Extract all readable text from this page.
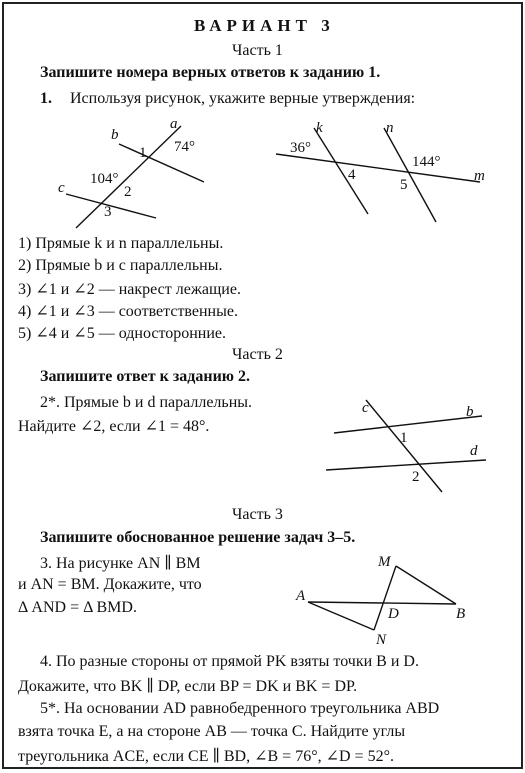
ВАРИАНТ 3
Часть 1
Запишите номера верных ответов к заданию 1.
1.	Используя рисунок, укажите верные утверждения:
b
a
74°
1
c
104°
2
3
k	n
36°
4
144°
5
m
1) Прямые k и n параллельны.
2) Прямые b и c параллельны.
3) ∠1 и ∠2 — накрест лежащие.
4) ∠1 и ∠3 — соответственные.
5) ∠4 и ∠5 — односторонние.
Часть 2
Запишите ответ к заданию 2.
2*. Прямые b и d параллельны.
Найдите ∠2, если ∠1 = 48°.
c	b
1
d
2
Часть 3
Запишите обоснованное решение задач 3–5.
3. На рисунке AN ∥ BM
и AN = BM. Докажите, что
Δ AND = Δ BMD.
M
A
D	B
N
4. По разные стороны от прямой PK взяты точки B и D.
Докажите, что BK ∥ DP, если BP = DK и BK = DP.
5*. На основании AD равнобедренного треугольника ABD
взята точка E, а на стороне AB — точка C. Найдите углы
треугольника ACE, если CE ∥ BD, ∠B = 76°, ∠D = 52°.
